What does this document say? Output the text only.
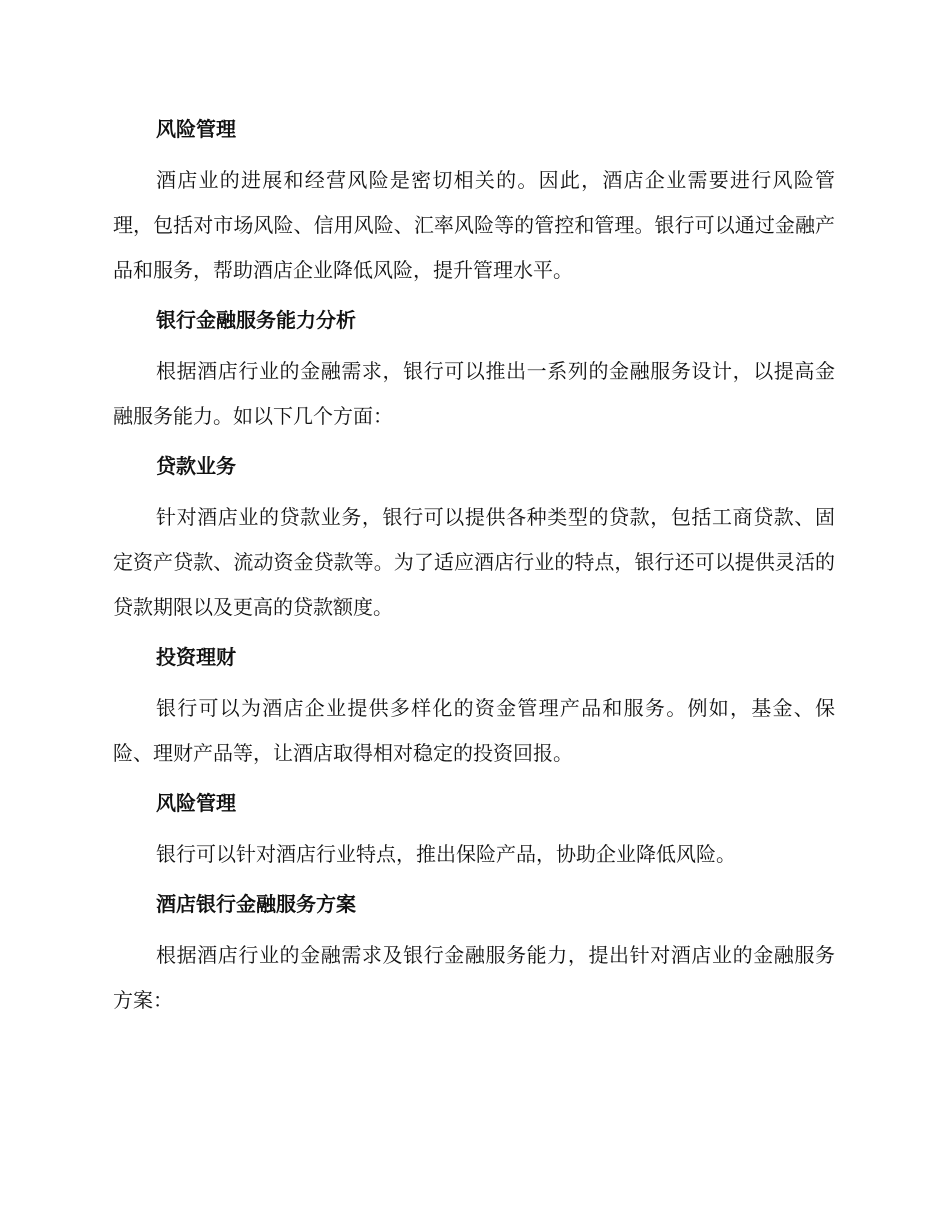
风险管理

酒店业的进展和经营风险是密切相关的。因此，酒店企业需要进行风险管理，包括对市场风险、信用风险、汇率风险等的管控和管理。银行可以通过金融产品和服务，帮助酒店企业降低风险，提升管理水平。

银行金融服务能力分析

根据酒店行业的金融需求，银行可以推出一系列的金融服务设计，以提高金融服务能力。如以下几个方面：

贷款业务

针对酒店业的贷款业务，银行可以提供各种类型的贷款，包括工商贷款、固定资产贷款、流动资金贷款等。为了适应酒店行业的特点，银行还可以提供灵活的贷款期限以及更高的贷款额度。

投资理财

银行可以为酒店企业提供多样化的资金管理产品和服务。例如，基金、保险、理财产品等，让酒店取得相对稳定的投资回报。

风险管理

银行可以针对酒店行业特点，推出保险产品，协助企业降低风险。

酒店银行金融服务方案

根据酒店行业的金融需求及银行金融服务能力，提出针对酒店业的金融服务方案：
